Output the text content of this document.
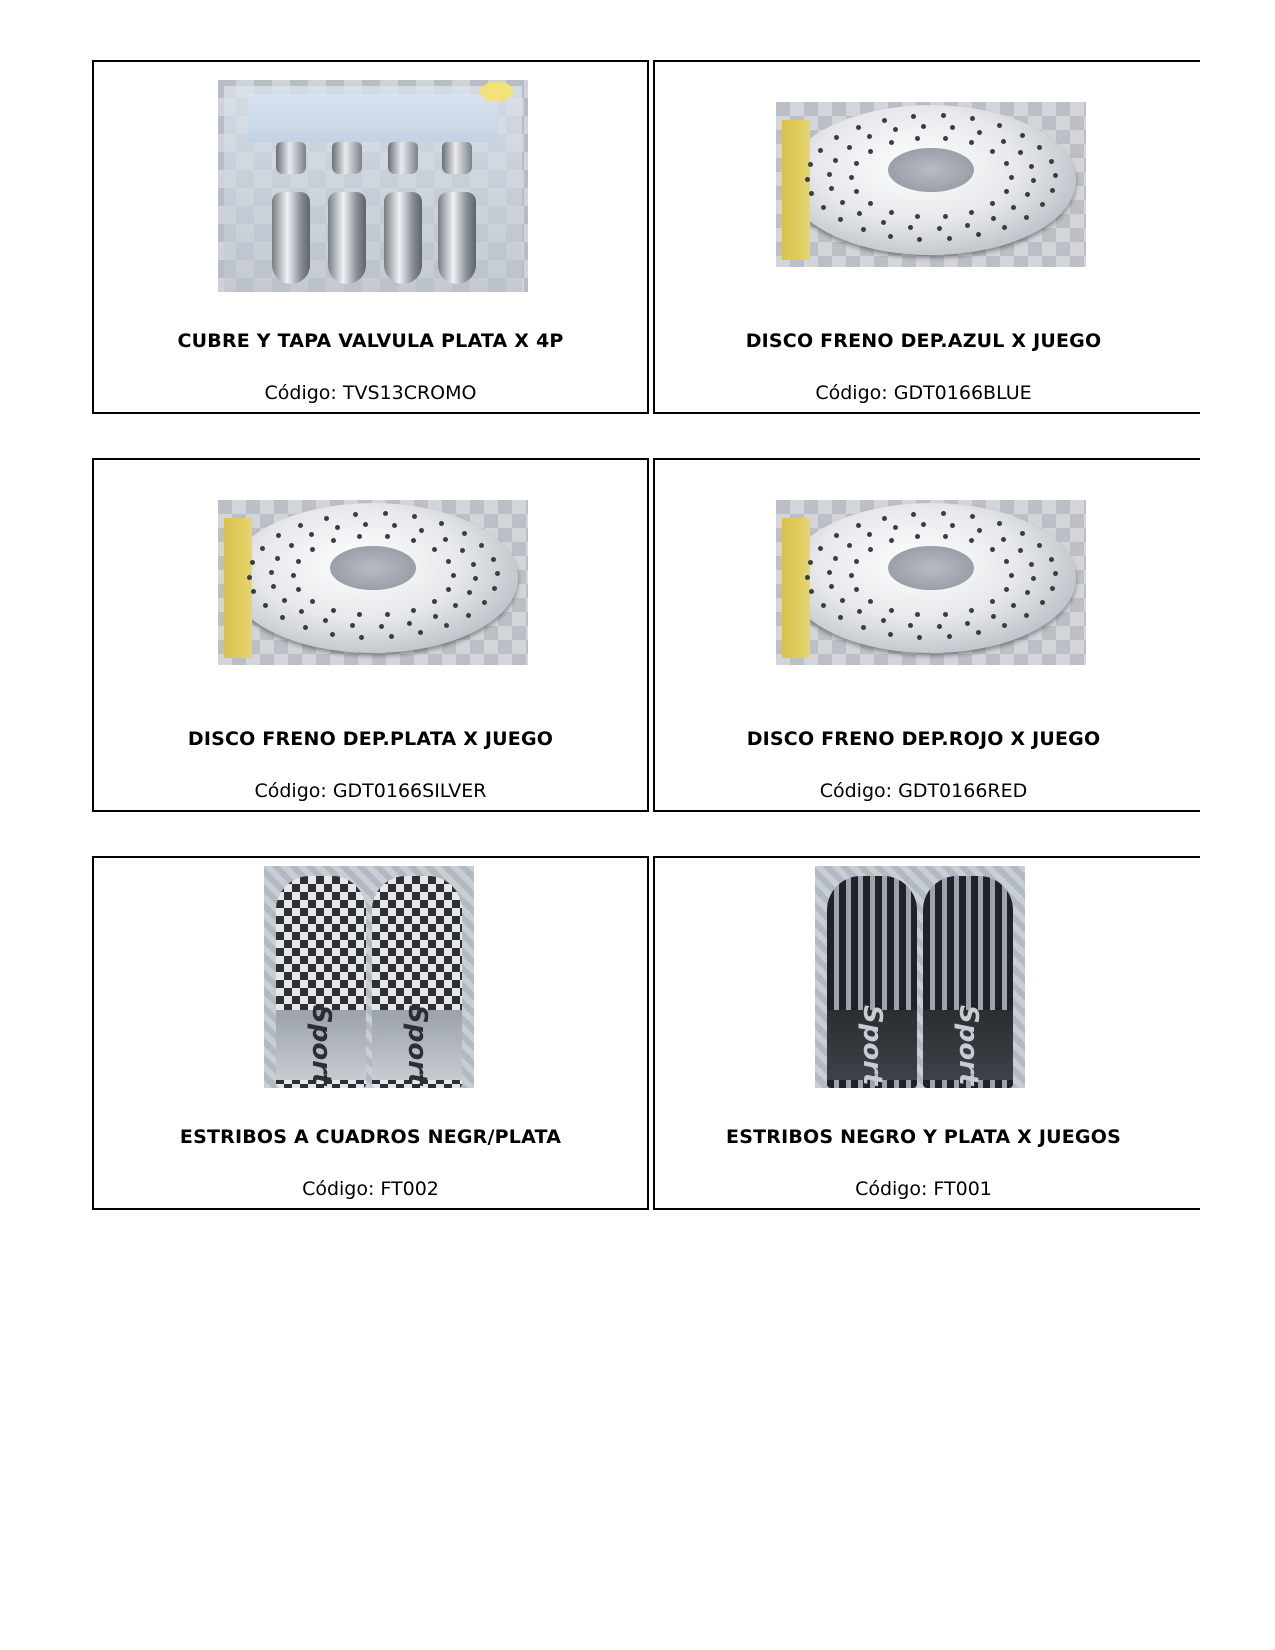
CUBRE Y TAPA VALVULA PLATA X 4P
Código: TVS13CROMO
DISCO FRENO DEP.AZUL X JUEGO
Código: GDT0166BLUE
DISCO FRENO DEP.PLATA X JUEGO
Código: GDT0166SILVER
DISCO FRENO DEP.ROJO X JUEGO
Código: GDT0166RED
Sport	Sport
ESTRIBOS A CUADROS NEGR/PLATA
Código: FT002
Sport	Sport
ESTRIBOS NEGRO Y PLATA X JUEGOS
Código: FT001
